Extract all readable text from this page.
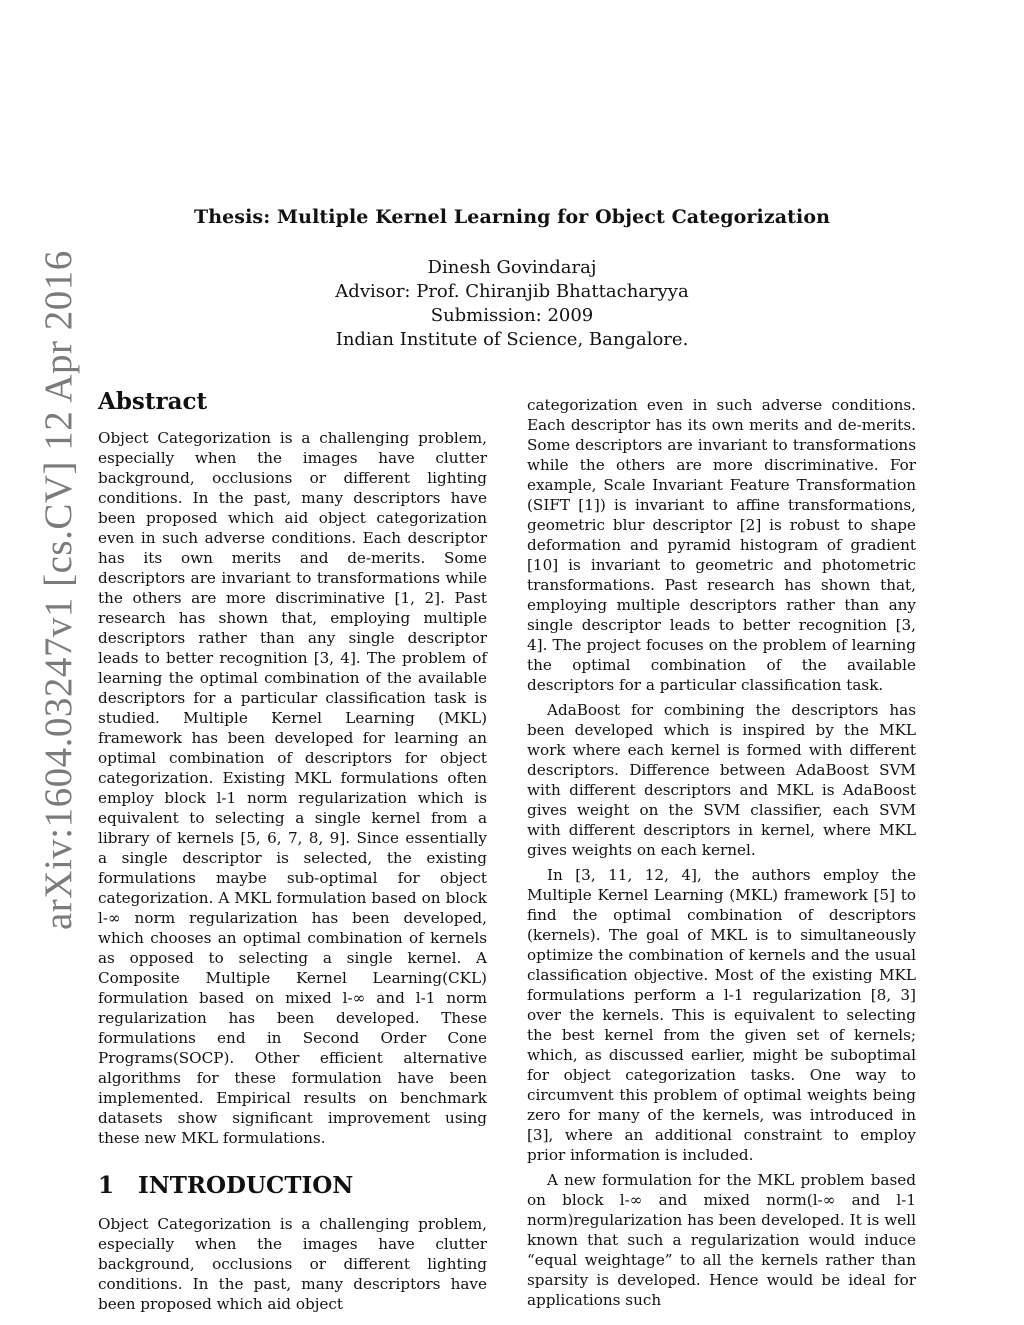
arXiv:1604.03247v1 [cs.CV] 12 Apr 2016
Thesis: Multiple Kernel Learning for Object Categorization
Dinesh Govindaraj
Advisor: Prof. Chiranjib Bhattacharyya
Submission: 2009
Indian Institute of Science, Bangalore.
Abstract

Object Categorization is a challenging problem, especially when the images have clutter background, occlusions or different lighting conditions. In the past, many descriptors have been proposed which aid object categorization even in such adverse conditions. Each descriptor has its own merits and de-merits. Some descriptors are invariant to transformations while the others are more discriminative [1, 2]. Past research has shown that, employing multiple descriptors rather than any single descriptor leads to better recognition [3, 4]. The problem of learning the optimal combination of the available descriptors for a particular classification task is studied. Multiple Kernel Learning (MKL) framework has been developed for learning an optimal combination of descriptors for object categorization. Existing MKL formulations often employ block l-1 norm regularization which is equivalent to selecting a single kernel from a library of kernels [5, 6, 7, 8, 9]. Since essentially a single descriptor is selected, the existing formulations maybe sub-optimal for object categorization. A MKL formulation based on block l-∞ norm regularization has been developed, which chooses an optimal combination of kernels as opposed to selecting a single kernel. A Composite Multiple Kernel Learning(CKL) formulation based on mixed l-∞ and l-1 norm regularization has been developed. These formulations end in Second Order Cone Programs(SOCP). Other efficient alternative algorithms for these formulation have been implemented. Empirical results on benchmark datasets show significant improvement using these new MKL formulations.

1 INTRODUCTION

Object Categorization is a challenging problem, especially when the images have clutter background, occlusions or different lighting conditions. In the past, many descriptors have been proposed which aid object

categorization even in such adverse conditions. Each descriptor has its own merits and de-merits. Some descriptors are invariant to transformations while the others are more discriminative. For example, Scale Invariant Feature Transformation (SIFT [1]) is invariant to affine transformations, geometric blur descriptor [2] is robust to shape deformation and pyramid histogram of gradient [10] is invariant to geometric and photometric transformations. Past research has shown that, employing multiple descriptors rather than any single descriptor leads to better recognition [3, 4]. The project focuses on the problem of learning the optimal combination of the available descriptors for a particular classification task.

AdaBoost for combining the descriptors has been developed which is inspired by the MKL work where each kernel is formed with different descriptors. Difference between AdaBoost SVM with different descriptors and MKL is AdaBoost gives weight on the SVM classifier, each SVM with different descriptors in kernel, where MKL gives weights on each kernel.

In [3, 11, 12, 4], the authors employ the Multiple Kernel Learning (MKL) framework [5] to find the optimal combination of descriptors (kernels). The goal of MKL is to simultaneously optimize the combination of kernels and the usual classification objective. Most of the existing MKL formulations perform a l-1 regularization [8, 3] over the kernels. This is equivalent to selecting the best kernel from the given set of kernels; which, as discussed earlier, might be suboptimal for object categorization tasks. One way to circumvent this problem of optimal weights being zero for many of the kernels, was introduced in [3], where an additional constraint to employ prior information is included.

A new formulation for the MKL problem based on block l-∞ and mixed norm(l-∞ and l-1 norm)regularization has been developed. It is well known that such a regularization would induce “equal weightage” to all the kernels rather than sparsity is developed. Hence would be ideal for applications such
